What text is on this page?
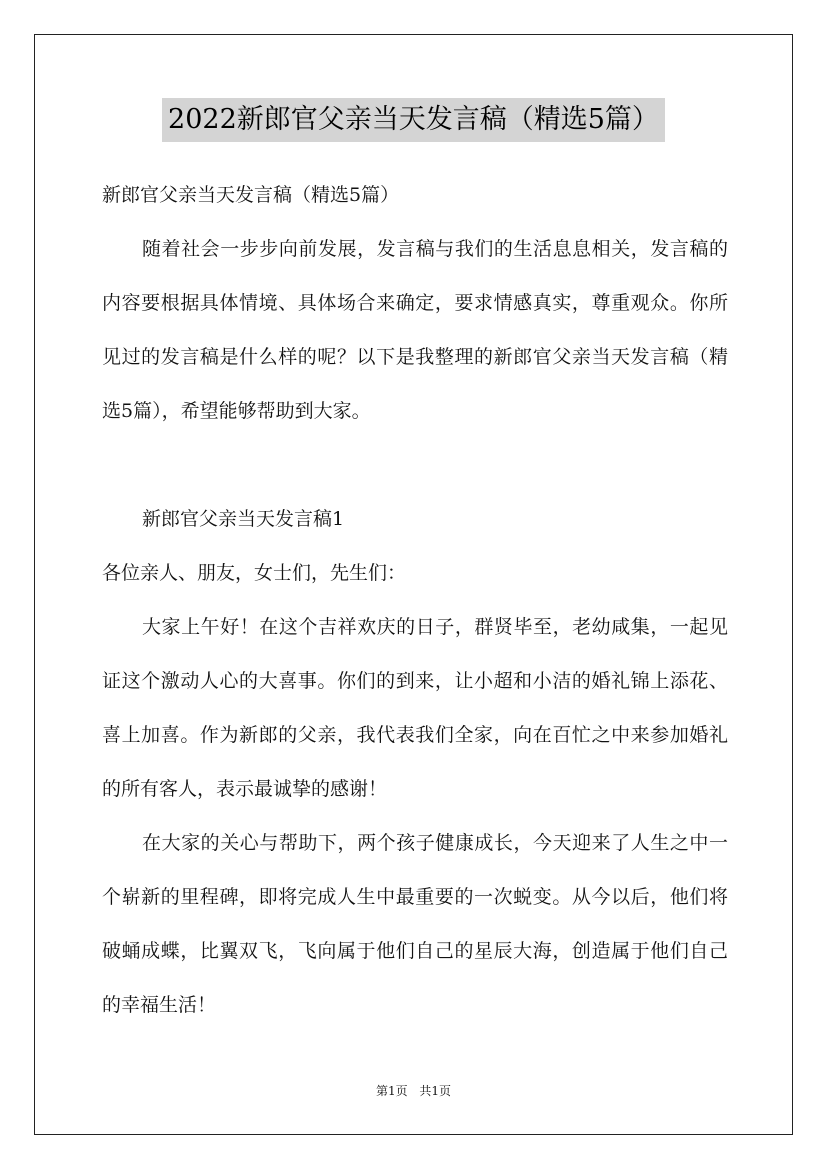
2022新郎官父亲当天发言稿（精选5篇）

新郎官父亲当天发言稿（精选5篇）

随着社会一步步向前发展，发言稿与我们的生活息息相关，发言稿的内容要根据具体情境、具体场合来确定，要求情感真实，尊重观众。你所见过的发言稿是什么样的呢？以下是我整理的新郎官父亲当天发言稿（精选5篇），希望能够帮助到大家。

新郎官父亲当天发言稿1

各位亲人、朋友，女士们，先生们：

大家上午好！在这个吉祥欢庆的日子，群贤毕至，老幼咸集，一起见证这个激动人心的大喜事。你们的到来，让小超和小洁的婚礼锦上添花、喜上加喜。作为新郎的父亲，我代表我们全家，向在百忙之中来参加婚礼的所有客人，表示最诚挚的感谢！

在大家的关心与帮助下，两个孩子健康成长，今天迎来了人生之中一个崭新的里程碑，即将完成人生中最重要的一次蜕变。从今以后，他们将破蛹成蝶，比翼双飞，飞向属于他们自己的星辰大海，创造属于他们自己的幸福生活！

第1页 共1页
